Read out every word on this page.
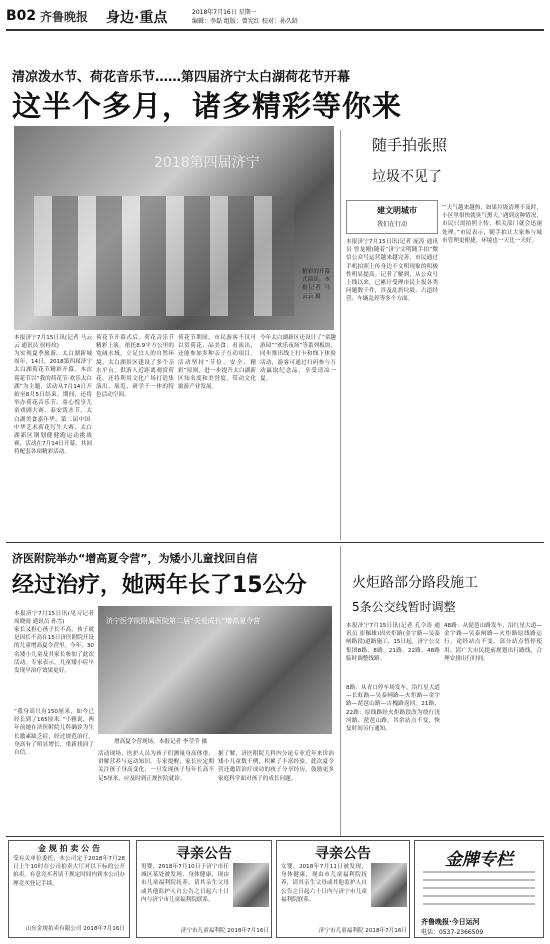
B02 齐鲁晚报 身边·重点	2018年7月16日 星期一
编辑：李磊 组版：曾宪红 校对：孙久龄
清凉泼水节、荷花音乐节……第四届济宁太白湖荷花节开幕
这半个多月，诸多精彩等你来
2018第四届济宁
精彩的开幕式演出。本报记者 马云云 摄
本报济宁7月15日讯(记者 马云云 通讯员 侯桂玫)
为实现夏季旅游、太白湖新城周年，14日，2018第四届济宁太白湖荷花节精彩开幕。本次荷花节以“我的荷花节·欢乐太白湖”为主题，活动从7月14日开始至8月5日结束，期间，还将举办荷花音乐节、童心悦享儿童戏剧大赛、泰安泼水节、太白湖美食嘉年华、第二届中国·中华艺术荷花写生大赛、太白湖新区钢划健健跑运动挑战赛，活动在7月14日开幕，其间将配套各项精彩活动。
荷花节开幕式后，荷花音乐节精彩上演。依托8.9平方公里的宽阔水域，立足宜人的自然环境，太白湖景区建设了多个亲水平台，供游人近距离观赏荷花，还将利用文化广场打造集演出、展览、研学于一体的特色活动空间。
荷花节期间，市民游客不仅可以赏荷花、品美食、看演出，还能参加多种亲子互动项目。活动坚持“节俭、安全、精彩”原则，进一步提升太白湖新区知名度和美誉度，带动文化旅游产业发展。
今年太白湖新区还设计了“童趣游园”“欢乐夜场”等系列板块，同步推出线上打卡和线下体验活动，游客可通过扫码参与互动赢取纪念品，享受清凉一夏。
随手拍张照
垃圾不见了
建文明城市
我们在行动
本报济宁7月15日讯(记者 庞涛 通讯员 曾龙刚)随着“济宁文明随手拍”微信公众号运营越来越完善，市民通过手机拍照上传身边不文明现象的积极性明显提高。记者了解到，从公众号上线以来，已累计受理市民上报各类问题数千件，涉及乱扔垃圾、占道经营、车辆乱停等多个方面。
“‘天气越来越热，如果垃圾清理不及时，小区里很快就臭气熏天。’遇到这种情况，市民只需拍照上传，相关部门就会迅速处理。”市民表示，随手拍让大家参与城市管理更便捷，环境也一天比一天好。
济医附院举办“增高夏令营”，为矮小儿童找回自信
经过治疗，她两年长了15公分
济宁医学院附属医院第二届“关爱成长”增高夏令营
增高夏令营现场。本报记者 李莹莹 摄
本报济宁7月15日讯(见习记者 周晓雨 通讯员 孙雪)
家长又担心孩子长不高，孩子就是因长不高在15日济医附院开设的儿童增高夏令营里。今年，30名矮小儿童及其家长参加了此次活动。专家表示，儿童矮小症早发现早治疗效果更好。
“我身高只有150厘米，如今已经长到了165厘米。”小雅说，两年前她在济医附院儿科确诊为生长激素缺乏症，经过规范治疗，身高有了明显增长，重新找回了自信。	活动现场，医护人员为孩子们测量身高体重、讲解营养与运动知识。专家提醒，家长应定期关注孩子身高变化，一旦发现孩子每年长高不足5厘米，应及时到正规医院就诊。
据了解，济医附院儿科内分泌专业近年来诊治矮小儿童数千例，积累了丰富经验，此次夏令营还邀请治疗成功的孩子分享经历，鼓励更多家庭科学面对孩子的成长问题。
火炬路部分路段施工
5条公交线暂时调整
本报济宁7月15日讯(记者 孔令涛 通讯员 崔佩雄)因火炬路(金宇路—吴泰闸路段)道路施工，15日起，济宁公交集团8路、8路、21路、22路、48路临时调整线路。
8路：从青口停车场发车，沿红星大道—长虹路—吴泰闸路—火炬路—金宇路—琵琶山路—古槐路返回。21路、22路：原线路经火炬路段改为绕行洸河路、琵琶山路，其余站点不变，恢复时间另行通知。
48路：从琵琶山路发车，沿红星大道—金宇路—吴泰闸路—火炬路原线路运行，途经站点不变，部分站点暂停使用。请广大市民提前规划出行路线，合理安排出行时间。
金 规 拍 卖 公 告
受有关单位委托，本公司定于2018年7月28日上午10时在公司拍卖大厅对以下标的公开拍卖，有意竞买者请于规定时间内到本公司办理竞买登记手续。
山东金规拍卖有限公司 2018年7月16日
寻亲公告
男婴，2018年7月10日于济宁市任城区某处被发现，身体健康，现由市儿童福利院抚养，请其亲生父母或其他监护人自公告之日起六十日内与济宁市儿童福利院联系。
济宁市儿童福利院 2018年7月16日
寻亲公告
女婴，2018年7月11日被发现，身体健康，现由市儿童福利院抚养，请其亲生父母或其他监护人自公告之日起六十日内与济宁市儿童福利院联系。
济宁市儿童福利院 2018年7月16日
金牌专栏
齐鲁晚报·今日运河
电话：0537-2366509
